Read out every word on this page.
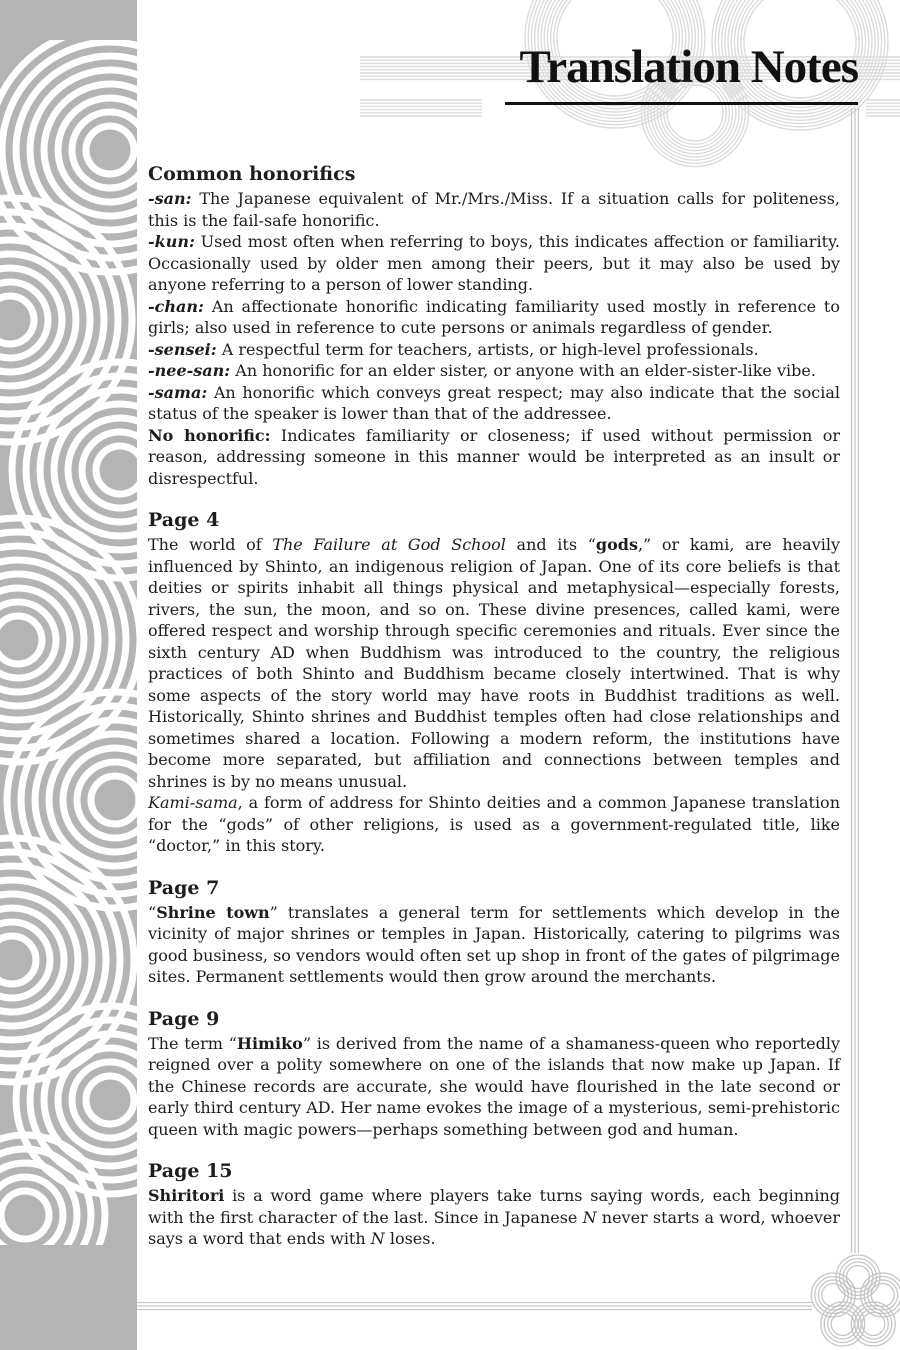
Translation Notes
Common honorifics

-san: The Japanese equivalent of Mr./Mrs./Miss. If a situation calls for politeness, this is the fail-safe honorific.

-kun: Used most often when referring to boys, this indicates affection or familiarity. Occasionally used by older men among their peers, but it may also be used by anyone referring to a person of lower standing.

-chan: An affectionate honorific indicating familiarity used mostly in reference to girls; also used in reference to cute persons or animals regardless of gender.

-sensei: A respectful term for teachers, artists, or high-level professionals.

-nee-san: An honorific for an elder sister, or anyone with an elder-sister-like vibe.

-sama: An honorific which conveys great respect; may also indicate that the social status of the speaker is lower than that of the addressee.

No honorific: Indicates familiarity or closeness; if used without permission or reason, addressing someone in this manner would be interpreted as an insult or disrespectful.

Page 4

The world of The Failure at God School and its “gods,” or kami, are heavily influenced by Shinto, an indigenous religion of Japan. One of its core beliefs is that deities or spirits inhabit all things physical and metaphysical—especially forests, rivers, the sun, the moon, and so on. These divine presences, called kami, were offered respect and worship through specific ceremonies and rituals. Ever since the sixth century AD when Buddhism was introduced to the country, the religious practices of both Shinto and Buddhism became closely intertwined. That is why some aspects of the story world may have roots in Buddhist traditions as well. Historically, Shinto shrines and Buddhist temples often had close relationships and sometimes shared a location. Following a modern reform, the institutions have become more separated, but affiliation and connections between temples and shrines is by no means unusual.

Kami-sama, a form of address for Shinto deities and a common Japanese translation for the “gods” of other religions, is used as a government-regulated title, like “doctor,” in this story.

Page 7

“Shrine town” translates a general term for settlements which develop in the vicinity of major shrines or temples in Japan. Historically, catering to pilgrims was good business, so vendors would often set up shop in front of the gates of pilgrimage sites. Permanent settlements would then grow around the merchants.

Page 9

The term “Himiko” is derived from the name of a shamaness-queen who reportedly reigned over a polity somewhere on one of the islands that now make up Japan. If the Chinese records are accurate, she would have flourished in the late second or early third century AD. Her name evokes the image of a mysterious, semi-prehistoric queen with magic powers—perhaps something between god and human.

Page 15

Shiritori is a word game where players take turns saying words, each beginning with the first character of the last. Since in Japanese N never starts a word, whoever says a word that ends with N loses.
